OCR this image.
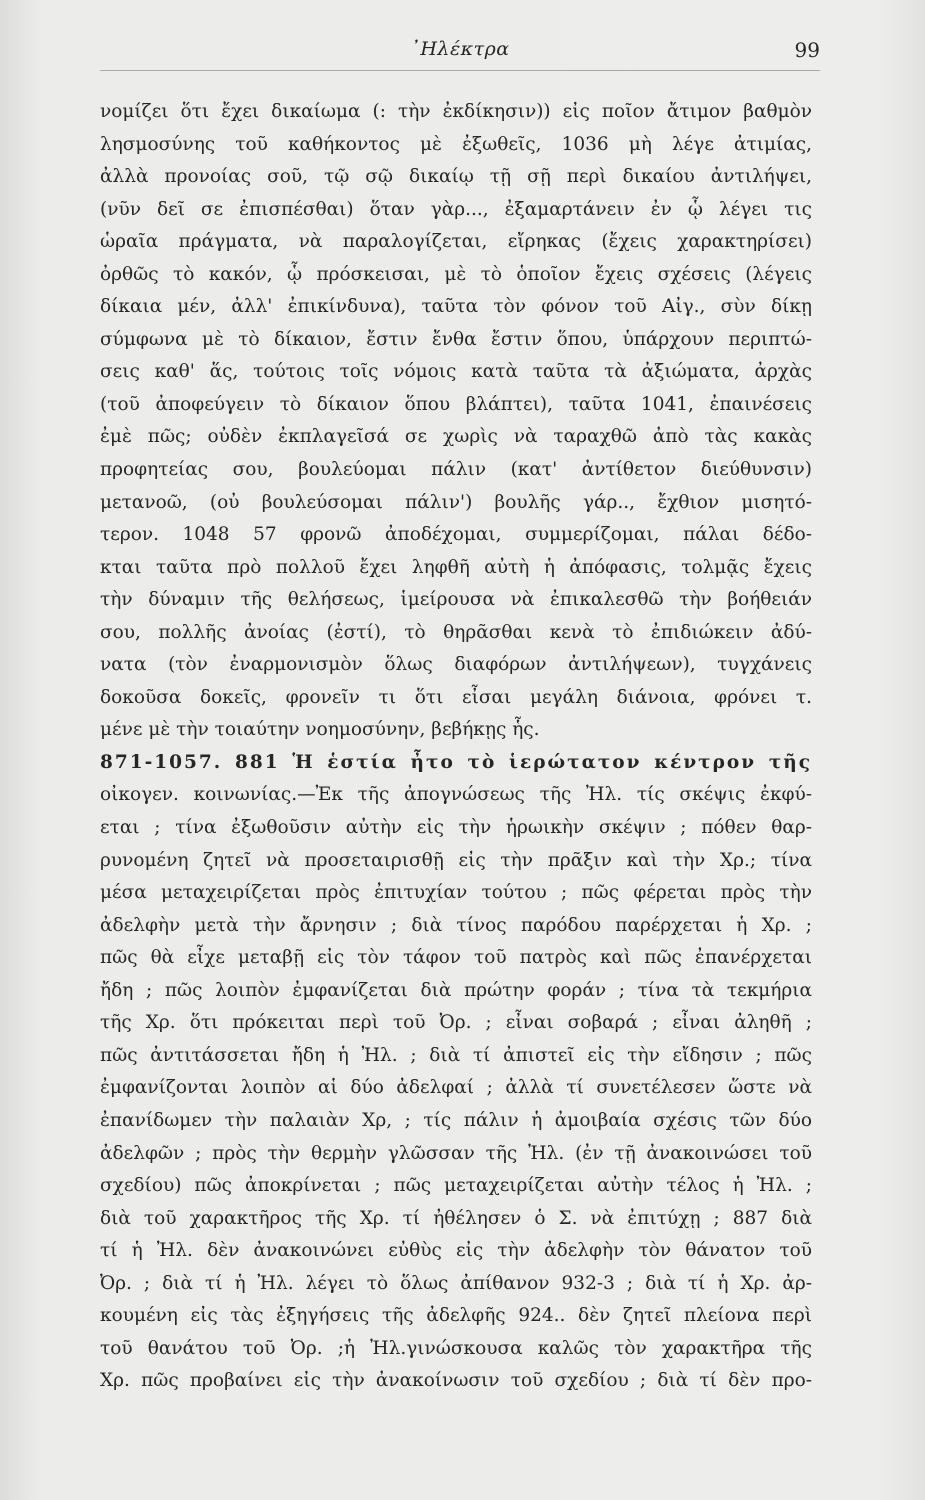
᾿Ηλέκτρα	99
νομίζει ὅτι ἔχει δικαίωμα (: τὴν ἐκδίκησιν)) εἰς ποῖον ἄτιμον βαθμὸν
λησμοσύνης τοῦ καθήκοντος μὲ ἐξωθεῖς, 1036 μὴ λέγε ἀτιμίας,
ἀλλὰ προνοίας σοῦ, τῷ σῷ δικαίῳ τῇ σῇ περὶ δικαίου ἀντιλήψει,
(νῦν δεῖ σε ἐπισπέσθαι) ὅταν γὰρ..., ἐξαμαρτάνειν ἐν ᾧ λέγει τις
ὡραῖα πράγματα, νὰ παραλογίζεται, εἴρηκας (ἔχεις χαρακτηρίσει)
ὀρθῶς τὸ κακόν, ᾧ πρόσκεισαι, μὲ τὸ ὁποῖον ἔχεις σχέσεις (λέγεις
δίκαια μέν, ἀλλ' ἐπικίνδυνα), ταῦτα τὸν φόνον τοῦ Αἰγ., σὺν δίκῃ
σύμφωνα μὲ τὸ δίκαιον, ἔστιν ἔνθα ἔστιν ὅπου, ὑπάρχουν περιπτώ-
σεις καθ' ἅς, τούτοις τοῖς νόμοις κατὰ ταῦτα τὰ ἀξιώματα, ἀρχὰς
(τοῦ ἀποφεύγειν τὸ δίκαιον ὅπου βλάπτει), ταῦτα 1041, ἐπαινέσεις
ἐμὲ πῶς; οὐδὲν ἐκπλαγεῖσά σε χωρὶς νὰ ταραχθῶ ἀπὸ τὰς κακὰς
προφητείας σου, βουλεύομαι πάλιν (κατ' ἀντίθετον διεύθυνσιν)
μετανοῶ, (οὐ βουλεύσομαι πάλιν') βουλῆς γάρ.., ἔχθιον μισητό-
τερον. 1048 57 φρονῶ ἀποδέχομαι, συμμερίζομαι, πάλαι δέδο-
κται ταῦτα πρὸ πολλοῦ ἔχει ληφθῆ αὐτὴ ἡ ἀπόφασις, τολμᾷς ἔχεις
τὴν δύναμιν τῆς θελήσεως, ἱμείρουσα νὰ ἐπικαλεσθῶ τὴν βοήθειάν
σου, πολλῆς ἀνοίας (ἐστί), τὸ θηρᾶσθαι κενὰ τὸ ἐπιδιώκειν ἀδύ-
νατα (τὸν ἐναρμονισμὸν ὅλως διαφόρων ἀντιλήψεων), τυγχάνεις
δοκοῦσα δοκεῖς, φρονεῖν τι ὅτι εἶσαι μεγάλη διάνοια, φρόνει τ.
μένε μὲ τὴν τοιαύτην νοημοσύνην, βεβήκῃς ἧς.
871-1057. 881 Ἡ ἑστία ἦτο τὸ ἱερώτατον κέντρον τῆς
οἰκογεν. κοινωνίας.—Ἐκ τῆς ἀπογνώσεως τῆς Ἠλ. τίς σκέψις ἐκφύ-
εται ; τίνα ἐξωθοῦσιν αὐτὴν εἰς τὴν ἡρωικὴν σκέψιν ; πόθεν θαρ-
ρυνομένη ζητεῖ νὰ προσεταιρισθῇ εἰς τὴν πρᾶξιν καὶ τὴν Χρ.; τίνα
μέσα μεταχειρίζεται πρὸς ἐπιτυχίαν τούτου ; πῶς φέρεται πρὸς τὴν
ἀδελφὴν μετὰ τὴν ἄρνησιν ; διὰ τίνος παρόδου παρέρχεται ἡ Χρ. ;
πῶς θὰ εἶχε μεταβῇ εἰς τὸν τάφον τοῦ πατρὸς καὶ πῶς ἐπανέρχεται
ἤδη ; πῶς λοιπὸν ἐμφανίζεται διὰ πρώτην φοράν ; τίνα τὰ τεκμήρια
τῆς Χρ. ὅτι πρόκειται περὶ τοῦ Ὀρ. ; εἶναι σοβαρά ; εἶναι ἀληθῆ ;
πῶς ἀντιτάσσεται ἤδη ἡ Ἠλ. ; διὰ τί ἀπιστεῖ εἰς τὴν εἴδησιν ; πῶς
ἐμφανίζονται λοιπὸν αἱ δύο ἀδελφαί ; ἀλλὰ τί συνετέλεσεν ὥστε νὰ
ἐπανίδωμεν τὴν παλαιὰν Χρ, ; τίς πάλιν ἡ ἀμοιβαία σχέσις τῶν δύο
ἀδελφῶν ; πρὸς τὴν θερμὴν γλῶσσαν τῆς Ἠλ. (ἐν τῇ ἀνακοινώσει τοῦ
σχεδίου) πῶς ἀποκρίνεται ; πῶς μεταχειρίζεται αὐτὴν τέλος ἡ Ἠλ. ;
διὰ τοῦ χαρακτῆρος τῆς Χρ. τί ἠθέλησεν ὁ Σ. νὰ ἐπιτύχῃ ; 887 διὰ
τί ἡ Ἠλ. δὲν ἀνακοινώνει εὐθὺς εἰς τὴν ἀδελφὴν τὸν θάνατον τοῦ
Ὀρ. ; διὰ τί ἡ Ἠλ. λέγει τὸ ὅλως ἀπίθανον 932-3 ; διὰ τί ἡ Χρ. ἀρ-
κουμένη εἰς τὰς ἐξηγήσεις τῆς ἀδελφῆς 924.. δὲν ζητεῖ πλείονα περὶ
τοῦ θανάτου τοῦ Ὀρ. ;ἡ Ἠλ.γινώσκουσα καλῶς τὸν χαρακτῆρα τῆς
Χρ. πῶς προβαίνει εἰς τὴν ἀνακοίνωσιν τοῦ σχεδίου ; διὰ τί δὲν προ-
